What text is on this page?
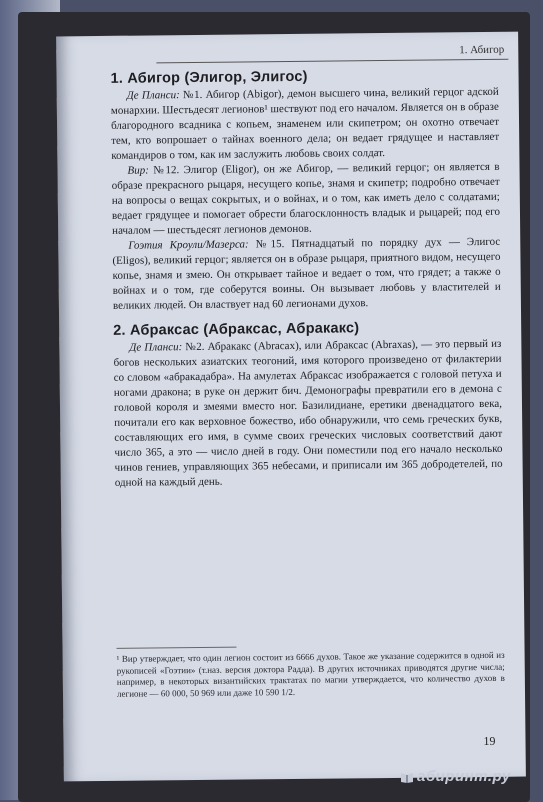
1. Абигор
1. Абигор (Элигор, Элигос)

Де Планси: №1. Абигор (Abigor), демон высшего чина, великий герцог адской монархии. Шестьдесят легионов¹ шествуют под его началом. Является он в образе благородного всадника с копьем, знаменем или скипетром; он охотно отвечает тем, кто вопрошает о тайнах военного дела; он ведает грядущее и наставляет командиров о том, как им заслужить любовь своих солдат.

Вир: №12. Элигор (Eligor), он же Абигор, — великий герцог; он является в образе прекрасного рыцаря, несущего копье, знамя и скипетр; подробно отвечает на вопросы о вещах сокрытых, и о войнах, и о том, как иметь дело с солдатами; ведает грядущее и помогает обрести благосклонность владык и рыцарей; под его началом — шестьдесят легионов демонов.

Гоэтия Кроули/Мазерса: №15. Пятнадцатый по порядку дух — Элигос (Eligos), великий герцог; является он в образе рыцаря, приятного видом, несущего копье, знамя и змею. Он открывает тайное и ведает о том, что грядет; а также о войнах и о том, где соберутся воины. Он вызывает любовь у властителей и великих людей. Он властвует над 60 легионами духов.

2. Абраксас (Абраксас, Абракакс)

Де Планси: №2. Абракакс (Abracax), или Абраксас (Abraxas), — это первый из богов нескольких азиатских теогоний, имя которого произведено от филактерии со словом «абракадабра». На амулетах Абраксас изображается с головой петуха и ногами дракона; в руке он держит бич. Демонографы превратили его в демона с головой короля и змеями вместо ног. Базилидиане, еретики двенадцатого века, почитали его как верховное божество, ибо обнаружили, что семь греческих букв, составляющих его имя, в сумме своих греческих числовых соответствий дают число 365, а это — число дней в году. Они поместили под его начало несколько чинов гениев, управляющих 365 небесами, и приписали им 365 добродетелей, по одной на каждый день.

¹ Вир утверждает, что один легион состоит из 6666 духов. Такое же указание содержится в одной из рукописей «Гоэтии» (т.наз. версия доктора Радда). В других источниках приводятся другие числа; например, в некоторых византийских трактатах по магии утверждается, что количество духов в легионе — 60 000, 50 969 или даже 10 590 1/2.
19
абиринт.ру
